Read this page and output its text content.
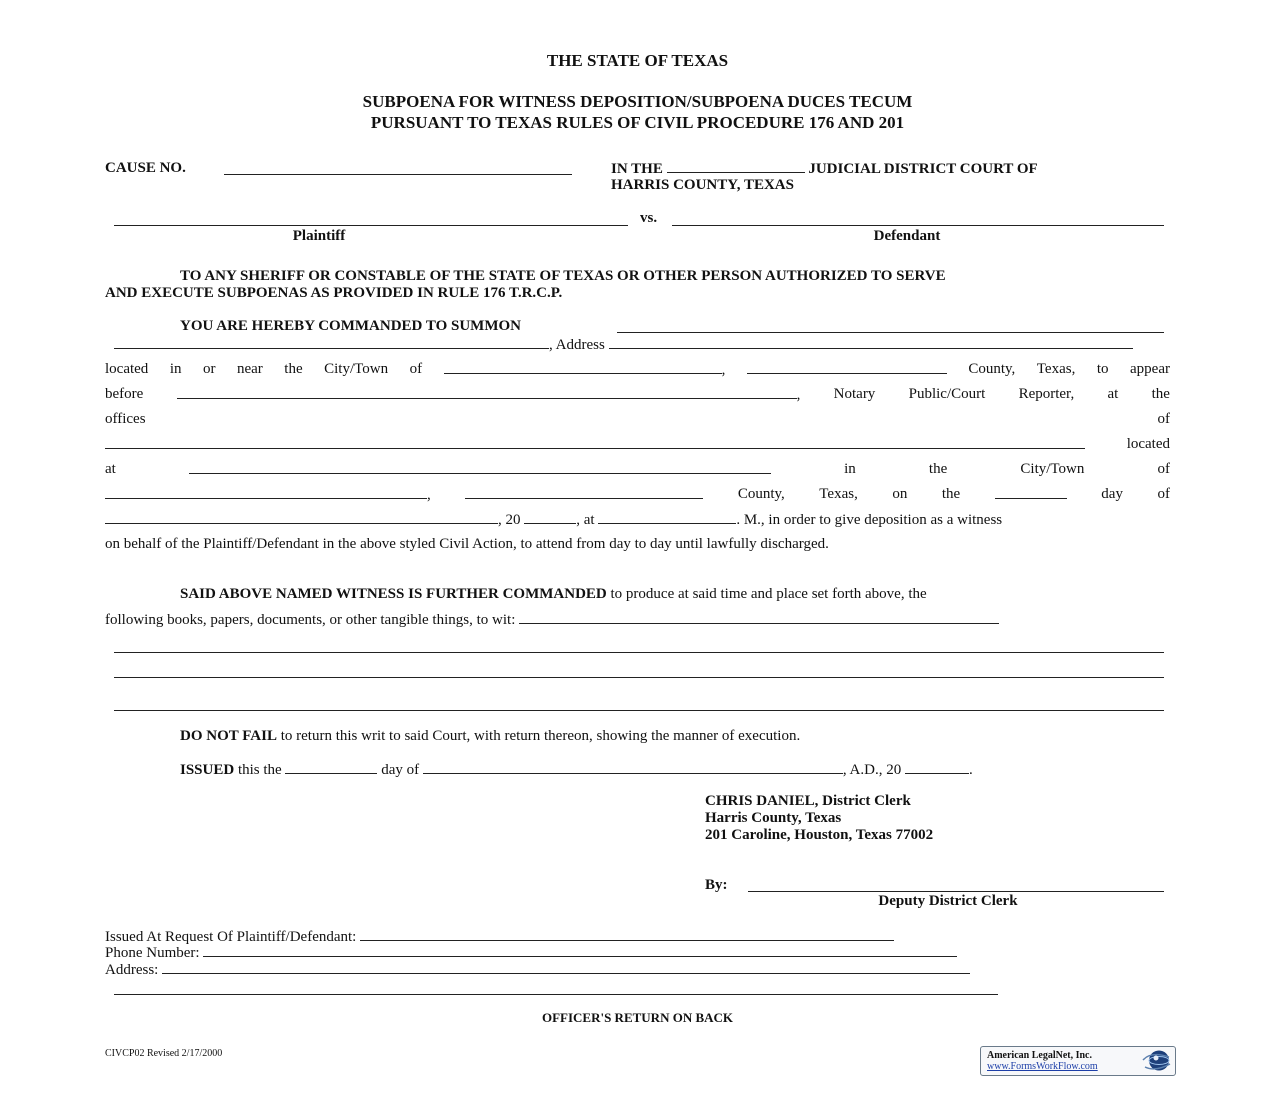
THE STATE OF TEXAS
SUBPOENA FOR WITNESS DEPOSITION/SUBPOENA DUCES TECUM
PURSUANT TO TEXAS RULES OF CIVIL PROCEDURE 176 AND 201
CAUSE NO.	IN THE	JUDICIAL DISTRICT COURT OF
HARRIS COUNTY, TEXAS
vs.
Plaintiff	Defendant
TO ANY SHERIFF OR CONSTABLE OF THE STATE OF TEXAS OR OTHER PERSON AUTHORIZED TO SERVE
AND EXECUTE SUBPOENAS AS PROVIDED IN RULE 176 T.R.C.P.
YOU ARE HEREBY COMMANDED TO SUMMON
, Address
located in or near the City/Town of	,	County, Texas, to appear
before	, Notary Public/Court Reporter, at the
offices	of
located
at	in	the	City/Town	of
,	County, Texas, on the	day of
, 20	, at	. M., in order to give deposition as a witness
on behalf of the Plaintiff/Defendant in the above styled Civil Action, to attend from day to day until lawfully discharged.
SAID ABOVE NAMED WITNESS IS FURTHER COMMANDED to produce at said time and place set forth above, the
following books, papers, documents, or other tangible things, to wit:
DO NOT FAIL to return this writ to said Court, with return thereon, showing the manner of execution.
ISSUED this the	day of	, A.D., 20	.
CHRIS DANIEL, District Clerk
Harris County, Texas
201 Caroline, Houston, Texas 77002
By:
Deputy District Clerk
Issued At Request Of Plaintiff/Defendant:
Phone Number:
Address:
OFFICER'S RETURN ON BACK
CIVCP02 Revised 2/17/2000	American LegalNet, Inc.
www.FormsWorkFlow.com
